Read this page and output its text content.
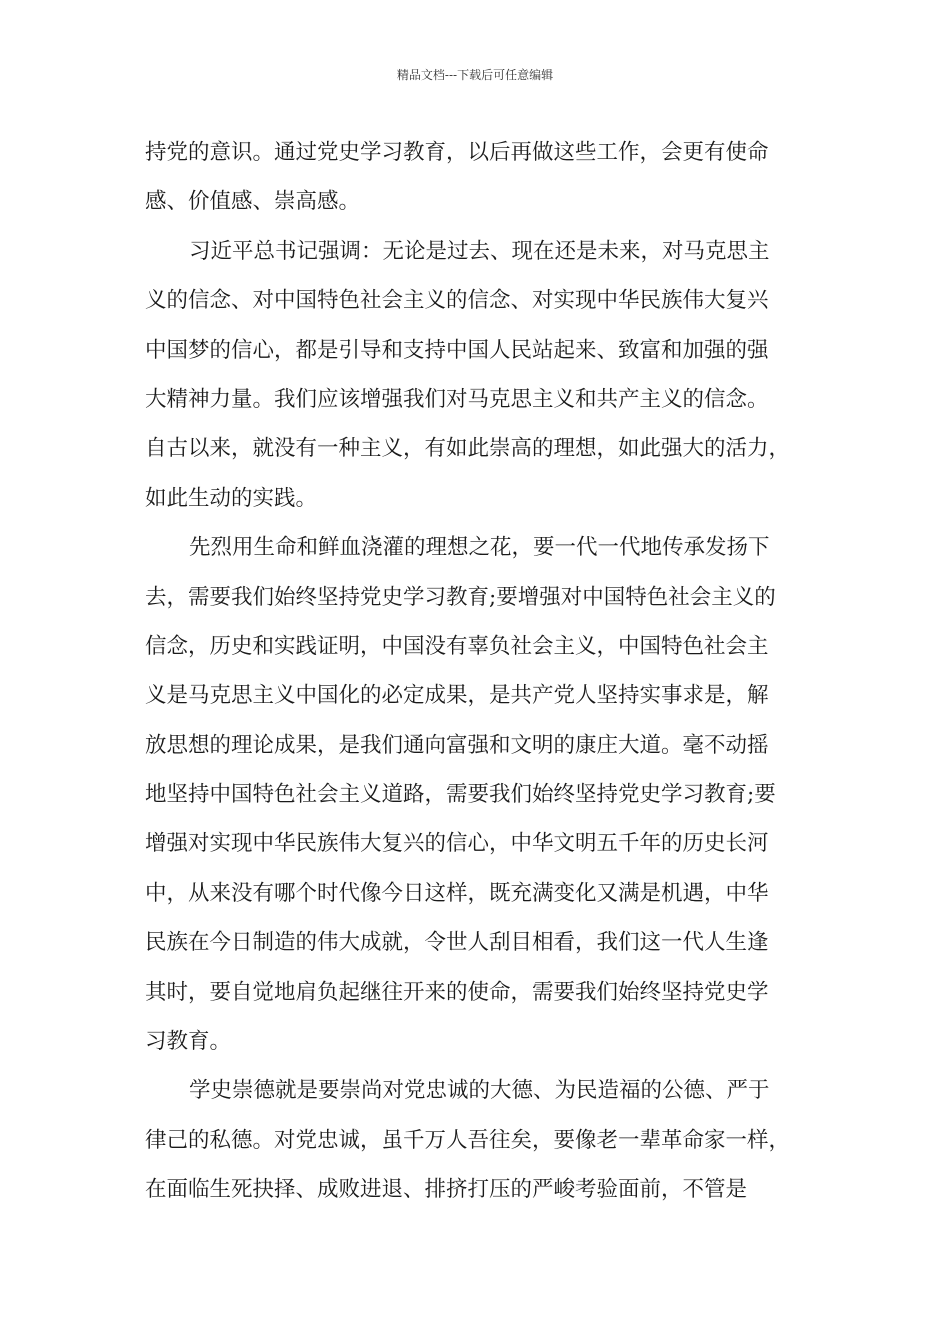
精品文档---下载后可任意编辑
持党的意识。通过党史学习教育，以后再做这些工作，会更有使命
感、价值感、崇高感。
习近平总书记强调：无论是过去、现在还是未来，对马克思主
义的信念、对中国特色社会主义的信念、对实现中华民族伟大复兴
中国梦的信心，都是引导和支持中国人民站起来、致富和加强的强
大精神力量。我们应该增强我们对马克思主义和共产主义的信念。
自古以来，就没有一种主义，有如此崇高的理想，如此强大的活力，
如此生动的实践。
先烈用生命和鲜血浇灌的理想之花，要一代一代地传承发扬下
去，需要我们始终坚持党史学习教育;要增强对中国特色社会主义的
信念，历史和实践证明，中国没有辜负社会主义，中国特色社会主
义是马克思主义中国化的必定成果，是共产党人坚持实事求是，解
放思想的理论成果，是我们通向富强和文明的康庄大道。毫不动摇
地坚持中国特色社会主义道路，需要我们始终坚持党史学习教育;要
增强对实现中华民族伟大复兴的信心，中华文明五千年的历史长河
中，从来没有哪个时代像今日这样，既充满变化又满是机遇，中华
民族在今日制造的伟大成就，令世人刮目相看，我们这一代人生逢
其时，要自觉地肩负起继往开来的使命，需要我们始终坚持党史学
习教育。
学史崇德就是要崇尚对党忠诚的大德、为民造福的公德、严于
律己的私德。对党忠诚，虽千万人吾往矣，要像老一辈革命家一样，
在面临生死抉择、成败进退、排挤打压的严峻考验面前，不管是
